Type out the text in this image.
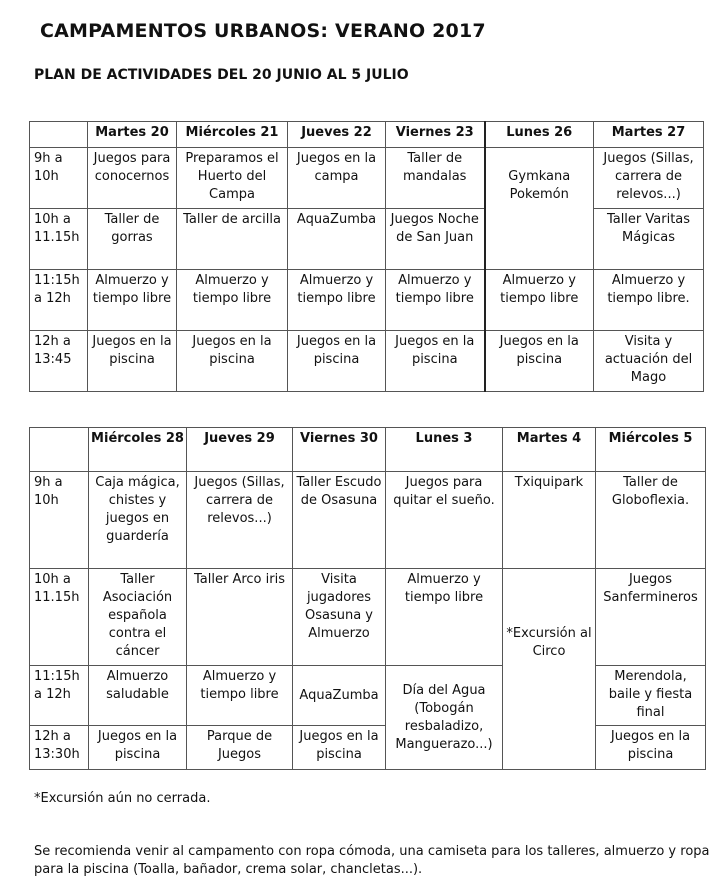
CAMPAMENTOS URBANOS: VERANO 2017
PLAN DE ACTIVIDADES DEL 20 JUNIO AL 5 JULIO
	Martes 20	Miércoles 21	Jueves 22	Viernes 23	Lunes 26	Martes 27
9h a 10h	Juegos para conocernos	Preparamos el Huerto del Campa	Juegos en la campa	Taller de mandalas	Gymkana Pokemón	Juegos (Sillas, carrera de relevos...)
10h a 11.15h	Taller de gorras	Taller de arcilla	AquaZumba	Juegos Noche de San Juan		Taller Varitas Mágicas
11:15h a 12h	Almuerzo y tiempo libre	Almuerzo y tiempo libre	Almuerzo y tiempo libre	Almuerzo y tiempo libre	Almuerzo y tiempo libre	Almuerzo y tiempo libre.
12h a 13:45	Juegos en la piscina	Juegos en la piscina	Juegos en la piscina	Juegos en la piscina	Juegos en la piscina	Visita y actuación del Mago
	Miércoles 28	Jueves 29	Viernes 30	Lunes 3	Martes 4	Miércoles 5
9h a 10h	Caja mágica, chistes y juegos en guardería	Juegos (Sillas, carrera de relevos...)	Taller Escudo de Osasuna	Juegos para quitar el sueño.	Txiquipark	Taller de Globoflexia.
10h a 11.15h	Taller Asociación española contra el cáncer	Taller Arco iris	Visita jugadores Osasuna y Almuerzo	Almuerzo y tiempo libre	*Excursión al Circo	Juegos Sanfermineros
11:15h a 12h	Almuerzo saludable	Almuerzo y tiempo libre	AquaZumba	Día del Agua (Tobogán resbaladizo, Manguerazo...)		Merendola, baile y fiesta final
12h a 13:30h	Juegos en la piscina	Parque de Juegos	Juegos en la piscina			Juegos en la piscina
*Excursión aún no cerrada.
Se recomienda venir al campamento con ropa cómoda, una camiseta para los talleres, almuerzo y ropa para la piscina (Toalla, bañador, crema solar, chancletas...).
